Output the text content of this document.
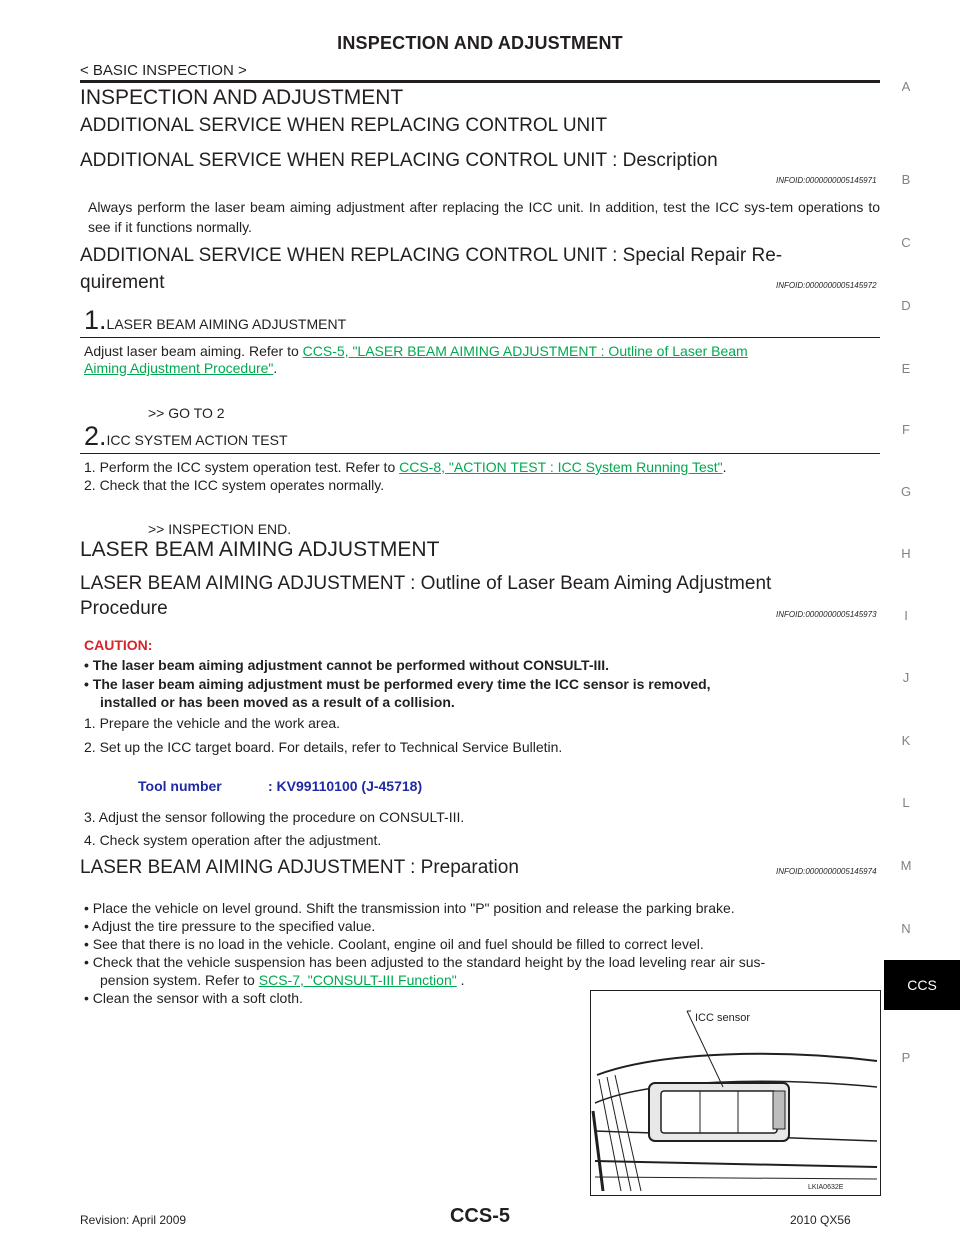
INSPECTION AND ADJUSTMENT
< BASIC INSPECTION >
A
B
C
D
E
F
G
H
I
J
K
L
M
N
P
CCS
INSPECTION AND ADJUSTMENT
ADDITIONAL SERVICE WHEN REPLACING CONTROL UNIT
ADDITIONAL SERVICE WHEN REPLACING CONTROL UNIT : Description
INFOID:0000000005145971
Always perform the laser beam aiming adjustment after replacing the ICC unit. In addition, test the ICC sys-tem operations to see if it functions normally.
ADDITIONAL SERVICE WHEN REPLACING CONTROL UNIT : Special Repair Re-
quirement	INFOID:0000000005145972
1.LASER BEAM AIMING ADJUSTMENT
Adjust laser beam aiming. Refer to CCS-5, "LASER BEAM AIMING ADJUSTMENT : Outline of Laser Beam
Aiming Adjustment Procedure".
>> GO TO 2
2.ICC SYSTEM ACTION TEST
1. Perform the ICC system operation test. Refer to CCS-8, "ACTION TEST : ICC System Running Test".
2. Check that the ICC system operates normally.
>> INSPECTION END.
LASER BEAM AIMING ADJUSTMENT
LASER BEAM AIMING ADJUSTMENT : Outline of Laser Beam Aiming Adjustment
Procedure	INFOID:0000000005145973
CAUTION:
• The laser beam aiming adjustment cannot be performed without CONSULT-III.
• The laser beam aiming adjustment must be performed every time the ICC sensor is removed,
installed or has been moved as a result of a collision.
1. Prepare the vehicle and the work area.
2. Set up the ICC target board. For details, refer to Technical Service Bulletin.
Tool number	: KV99110100 (J-45718)
3. Adjust the sensor following the procedure on CONSULT-III.
4. Check system operation after the adjustment.
LASER BEAM AIMING ADJUSTMENT : Preparation	INFOID:0000000005145974
• Place the vehicle on level ground. Shift the transmission into "P" position and release the parking brake.
• Adjust the tire pressure to the specified value.
• See that there is no load in the vehicle. Coolant, engine oil and fuel should be filled to correct level.
• Check that the vehicle suspension has been adjusted to the standard height by the load leveling rear air sus-
pension system. Refer to SCS-7, "CONSULT-III Function" .
• Clean the sensor with a soft cloth.
ICC sensor
LKIA0632E
Revision: April 2009	CCS-5	2010 QX56
